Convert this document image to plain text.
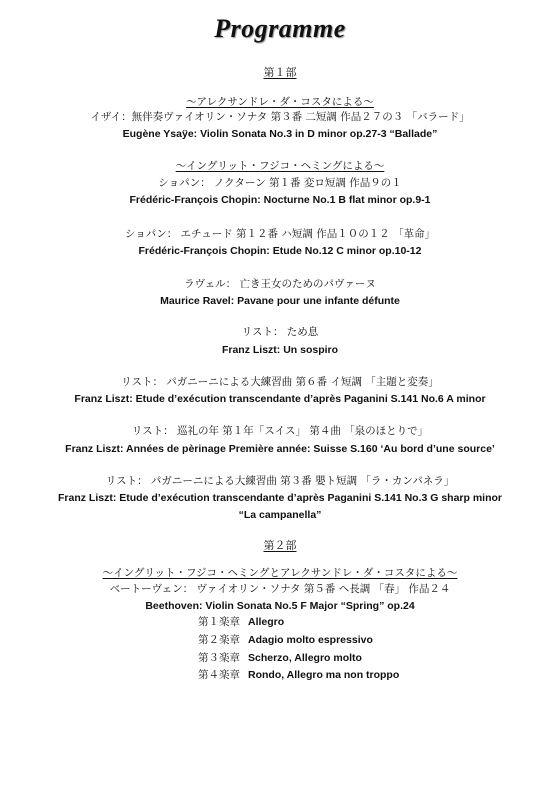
Programme
第１部
～アレクサンドレ・ダ・コスタによる～
イザイ：無伴奏ヴァイオリン・ソナタ 第３番 二短調 作品２７の３ 「バラード」
Eugène Ysaÿe: Violin Sonata No.3 in D minor op.27-3 “Ballade”
～イングリット・フジコ・ヘミングによる～
ショパン： ノクターン 第１番 変ロ短調 作品９の１
Frédéric-François Chopin: Nocturne No.1 B flat minor op.9-1
ショパン： エチュード 第１２番 ハ短調 作品１０の１２ 「革命」
Frédéric-François Chopin: Etude No.12 C minor op.10-12
ラヴェル： 亡き王女のためのパヴァーヌ
Maurice Ravel: Pavane pour une infante défunte
リスト： ため息
Franz Liszt: Un sospiro
リスト： パガニーニによる大練習曲 第６番 イ短調 「主題と変奏」
Franz Liszt: Etude d’exécution transcendante d’après Paganini S.141 No.6 A minor
リスト： 巡礼の年 第１年「スイス」 第４曲 「泉のほとりで」
Franz Liszt: Années de pèrinage Première année: Suisse S.160 ‘Au bord d’une source’
リスト： パガニーニによる大練習曲 第３番 嬰ト短調 「ラ・カンパネラ」
Franz Liszt: Etude d’exécution transcendante d’après Paganini S.141 No.3 G sharp minor
“La campanella”
第２部
～イングリット・フジコ・ヘミングとアレクサンドレ・ダ・コスタによる～
ベートーヴェン： ヴァイオリン・ソナタ 第５番 ヘ長調 「春」 作品２４
Beethoven: Violin Sonata No.5 F Major “Spring” op.24
第１楽章 Allegro
第２楽章 Adagio molto espressivo
第３楽章 Scherzo, Allegro molto
第４楽章 Rondo, Allegro ma non troppo
